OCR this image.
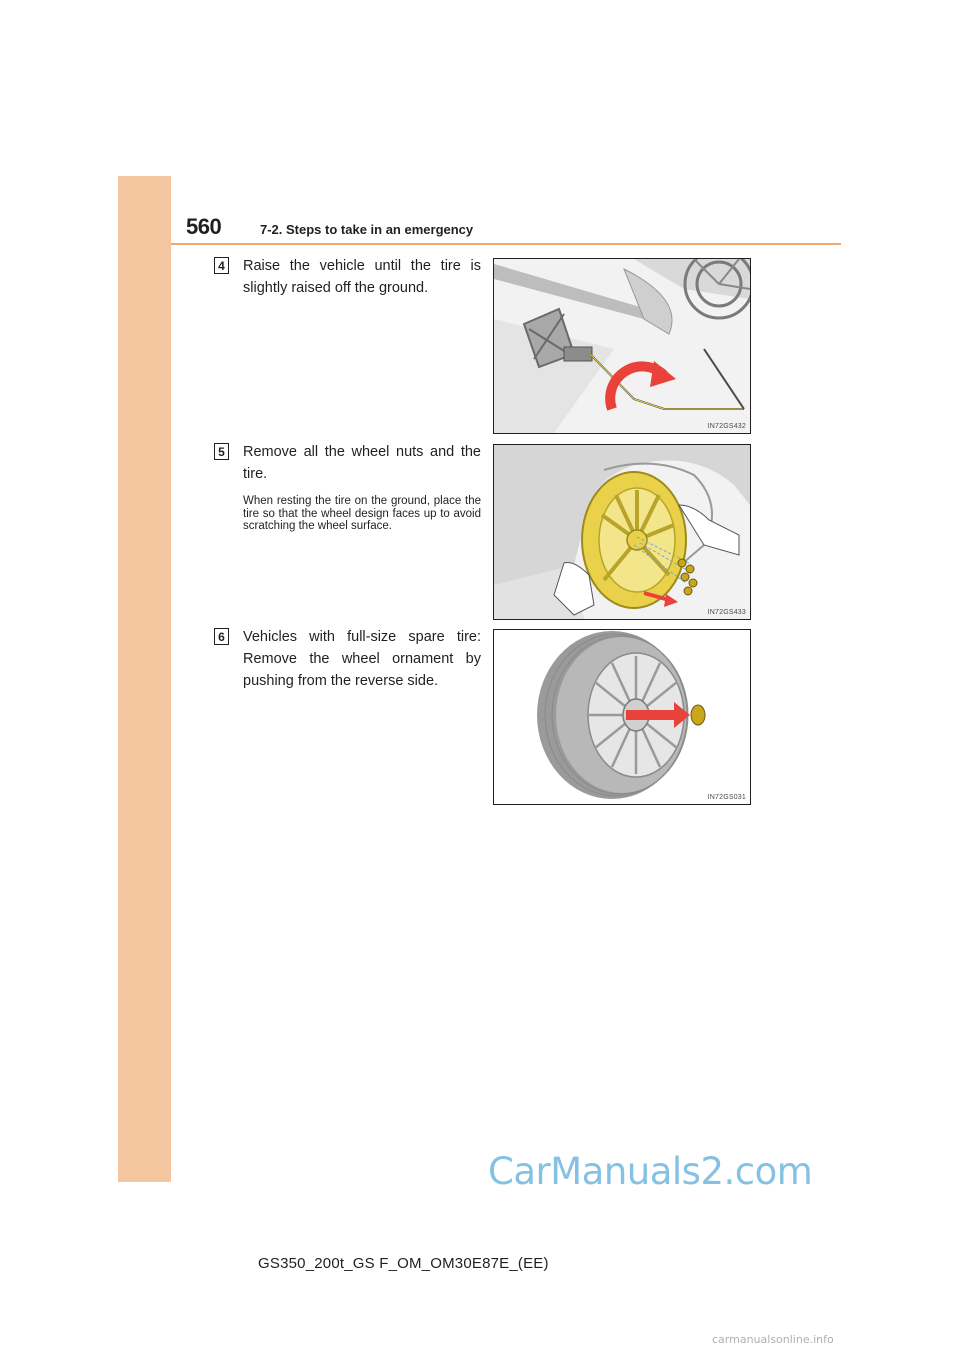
560	7-2. Steps to take in an emergency
4 Raise the vehicle until the tire is slightly raised off the ground.
IN72GS432
5 Remove all the wheel nuts and the tire.
When resting the tire on the ground, place the tire so that the wheel design faces up to avoid scratching the wheel surface.
IN72GS433
6 Vehicles with full-size spare tire: Remove the wheel ornament by pushing from the reverse side.
IN72GS031
GS350_200t_GS F_OM_OM30E87E_(EE)
CarManuals2.com
carmanualsonline.info
